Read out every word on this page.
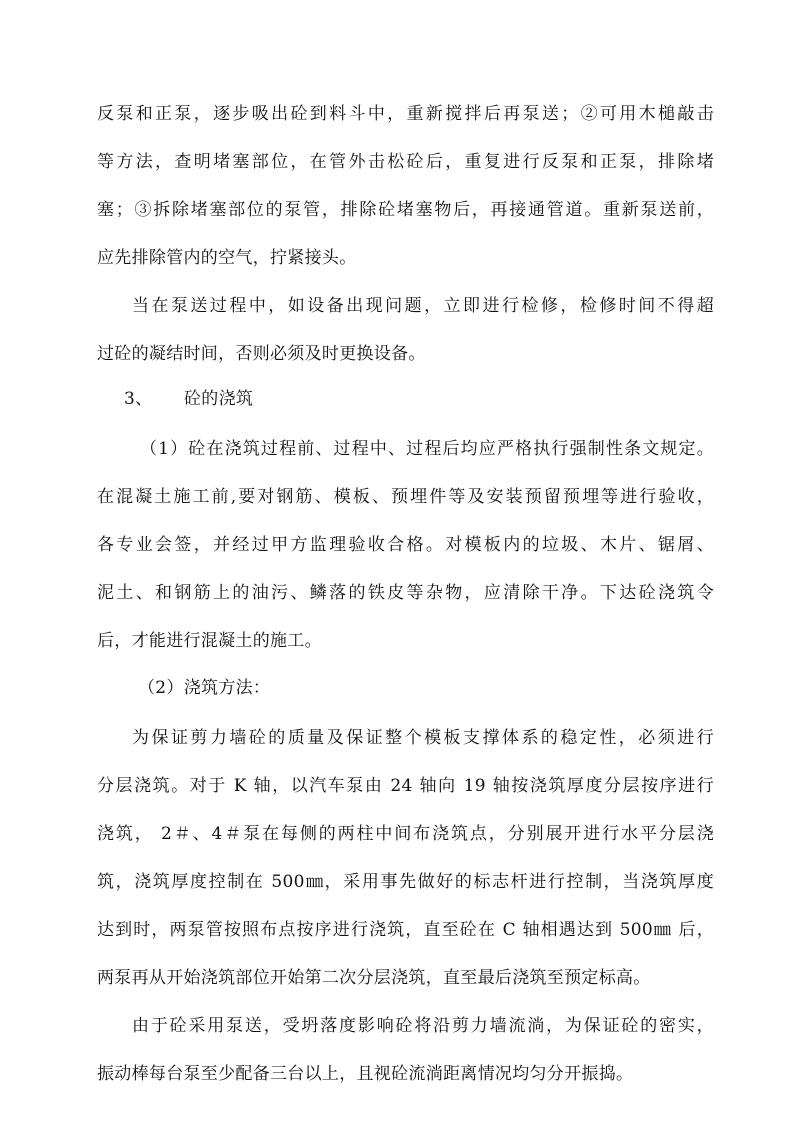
反泵和正泵，逐步吸出砼到料斗中，重新搅拌后再泵送；②可用木槌敲击
等方法，查明堵塞部位，在管外击松砼后，重复进行反泵和正泵，排除堵
塞；③拆除堵塞部位的泵管，排除砼堵塞物后，再接通管道。重新泵送前，
应先排除管内的空气，拧紧接头。
当在泵送过程中，如设备出现问题，立即进行检修，检修时间不得超
过砼的凝结时间，否则必须及时更换设备。
3、 砼的浇筑
（1）砼在浇筑过程前、过程中、过程后均应严格执行强制性条文规定。
在混凝土施工前,要对钢筋、模板、预埋件等及安装预留预埋等进行验收，
各专业会签，并经过甲方监理验收合格。对模板内的垃圾、木片、锯屑、
泥土、和钢筋上的油污、鳞落的铁皮等杂物，应清除干净。下达砼浇筑令
后，才能进行混凝土的施工。
（2）浇筑方法：
为保证剪力墙砼的质量及保证整个模板支撑体系的稳定性，必须进行
分层浇筑。对于 K 轴，以汽车泵由 24 轴向 19 轴按浇筑厚度分层按序进行
浇筑， 2＃、4＃泵在每侧的两柱中间布浇筑点，分别展开进行水平分层浇
筑，浇筑厚度控制在 500㎜，采用事先做好的标志杆进行控制，当浇筑厚度
达到时，两泵管按照布点按序进行浇筑，直至砼在 C 轴相遇达到 500㎜ 后，
两泵再从开始浇筑部位开始第二次分层浇筑，直至最后浇筑至预定标高。
由于砼采用泵送，受坍落度影响砼将沿剪力墙流淌，为保证砼的密实，
振动棒每台泵至少配备三台以上，且视砼流淌距离情况均匀分开振捣。
